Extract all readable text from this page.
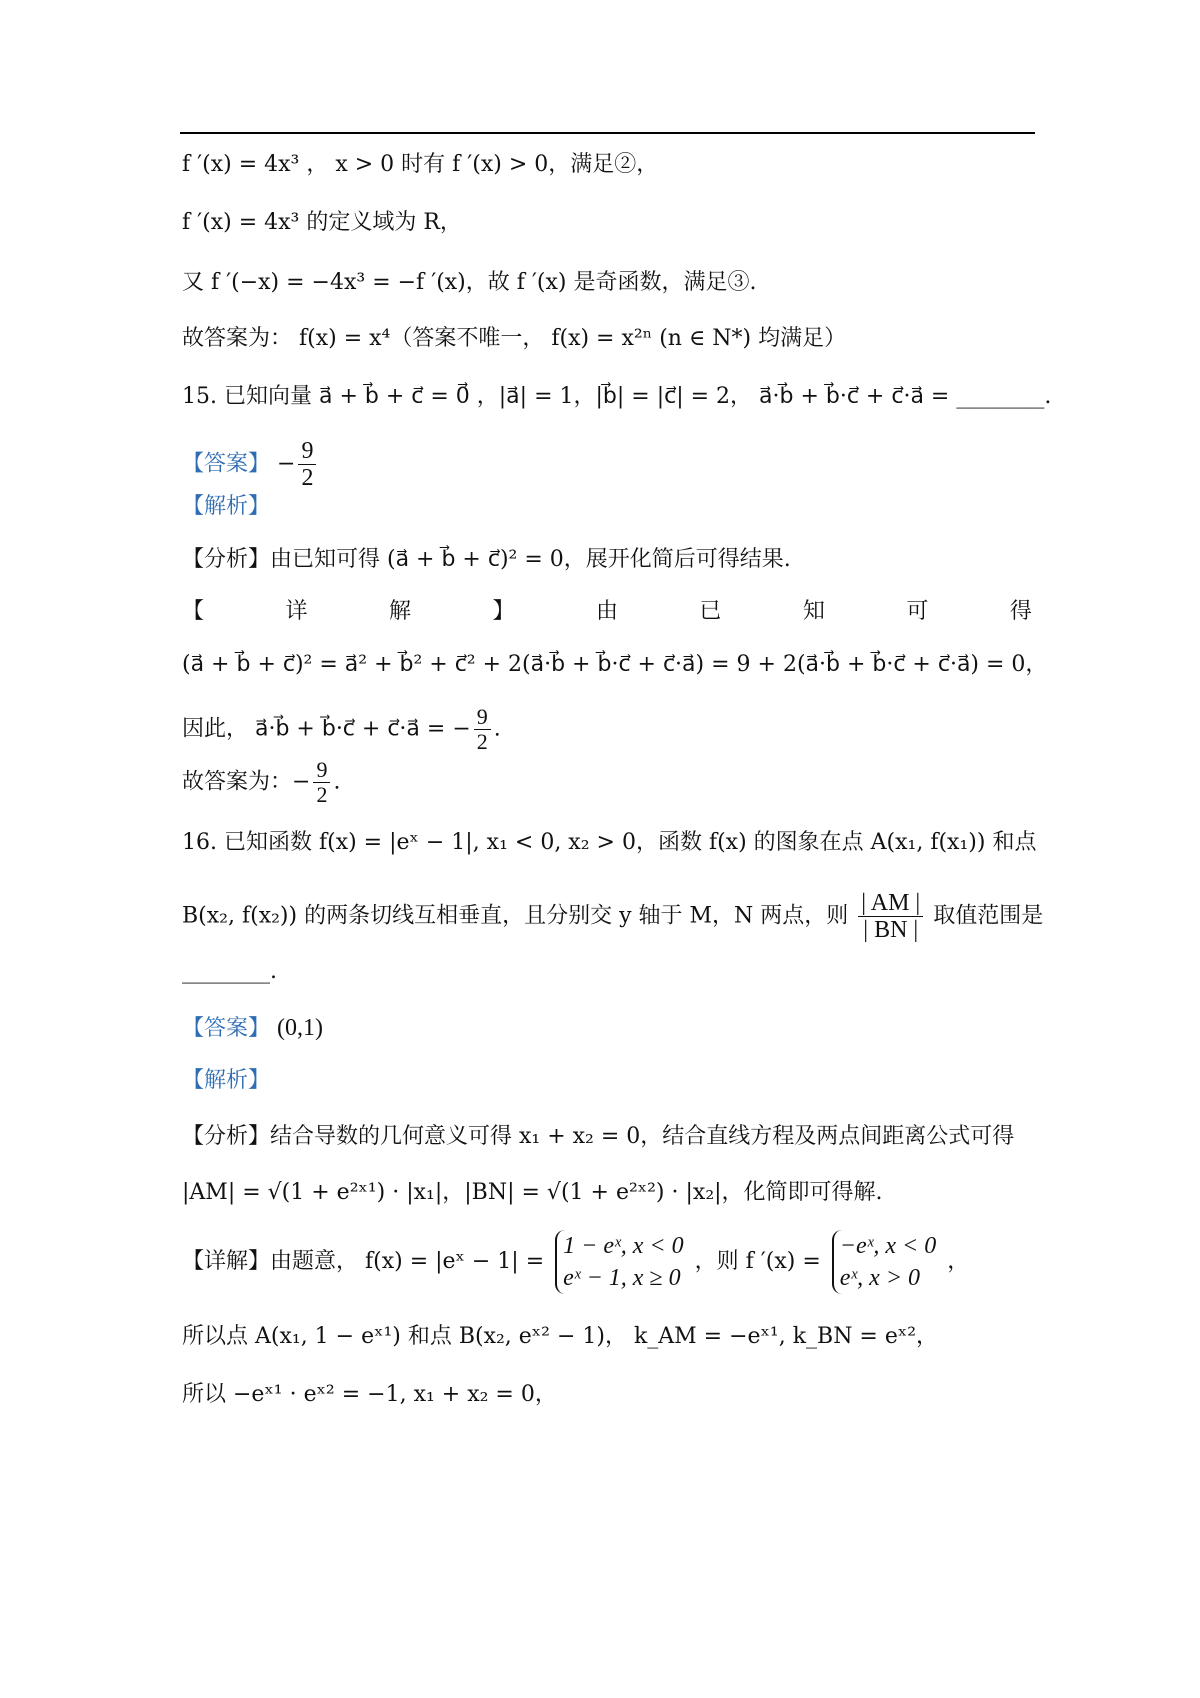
f ′(x) = 4x³ ， x > 0 时有 f ′(x) > 0，满足②，
f ′(x) = 4x³ 的定义域为 R，
又 f ′(−x) = −4x³ = −f ′(x)，故 f ′(x) 是奇函数，满足③.
故答案为： f(x) = x⁴（答案不唯一， f(x) = x²ⁿ (n ∈ N*) 均满足）
15. 已知向量 a⃗ + b⃗ + c⃗ = 0⃗ ，|a⃗| = 1，|b⃗| = |c⃗| = 2， a⃗·b⃗ + b⃗·c⃗ + c⃗·a⃗ = ________.
【答案】 − $\frac{9}{2}$
【解析】
【分析】由已知可得 (a⃗ + b⃗ + c⃗)² = 0，展开化简后可得结果.
【	详	解	】	由	已	知	可	得
(a⃗ + b⃗ + c⃗)² = a⃗² + b⃗² + c⃗² + 2(a⃗·b⃗ + b⃗·c⃗ + c⃗·a⃗) = 9 + 2(a⃗·b⃗ + b⃗·c⃗ + c⃗·a⃗) = 0，
因此， a⃗·b⃗ + b⃗·c⃗ + c⃗·a⃗ = − $\frac{9}{2}$ .
故答案为：− $\frac{9}{2}$ .
16. 已知函数 f(x) = |eˣ − 1|, x₁ < 0, x₂ > 0，函数 f(x) 的图象在点 A(x₁, f(x₁)) 和点
B(x₂, f(x₂)) 的两条切线互相垂直，且分别交 y 轴于 M，N 两点，则 $\frac{| AM |}{| BN |}$ 取值范围是
________.
【答案】 (0,1)
【解析】
【分析】结合导数的几何意义可得 x₁ + x₂ = 0，结合直线方程及两点间距离公式可得
|AM| = √(1 + e²ˣ¹) · |x₁|，|BN| = √(1 + e²ˣ²) · |x₂|，化简即可得解.
【详解】由题意， f(x) = |eˣ − 1| =
1 − eˣ, x < 0
eˣ − 1, x ≥ 0
，则 f ′(x) =
−eˣ, x < 0
eˣ, x > 0
，
所以点 A(x₁, 1 − eˣ¹) 和点 B(x₂, eˣ² − 1)， k_AM = −eˣ¹, k_BN = eˣ²，
所以 −eˣ¹ · eˣ² = −1, x₁ + x₂ = 0，
